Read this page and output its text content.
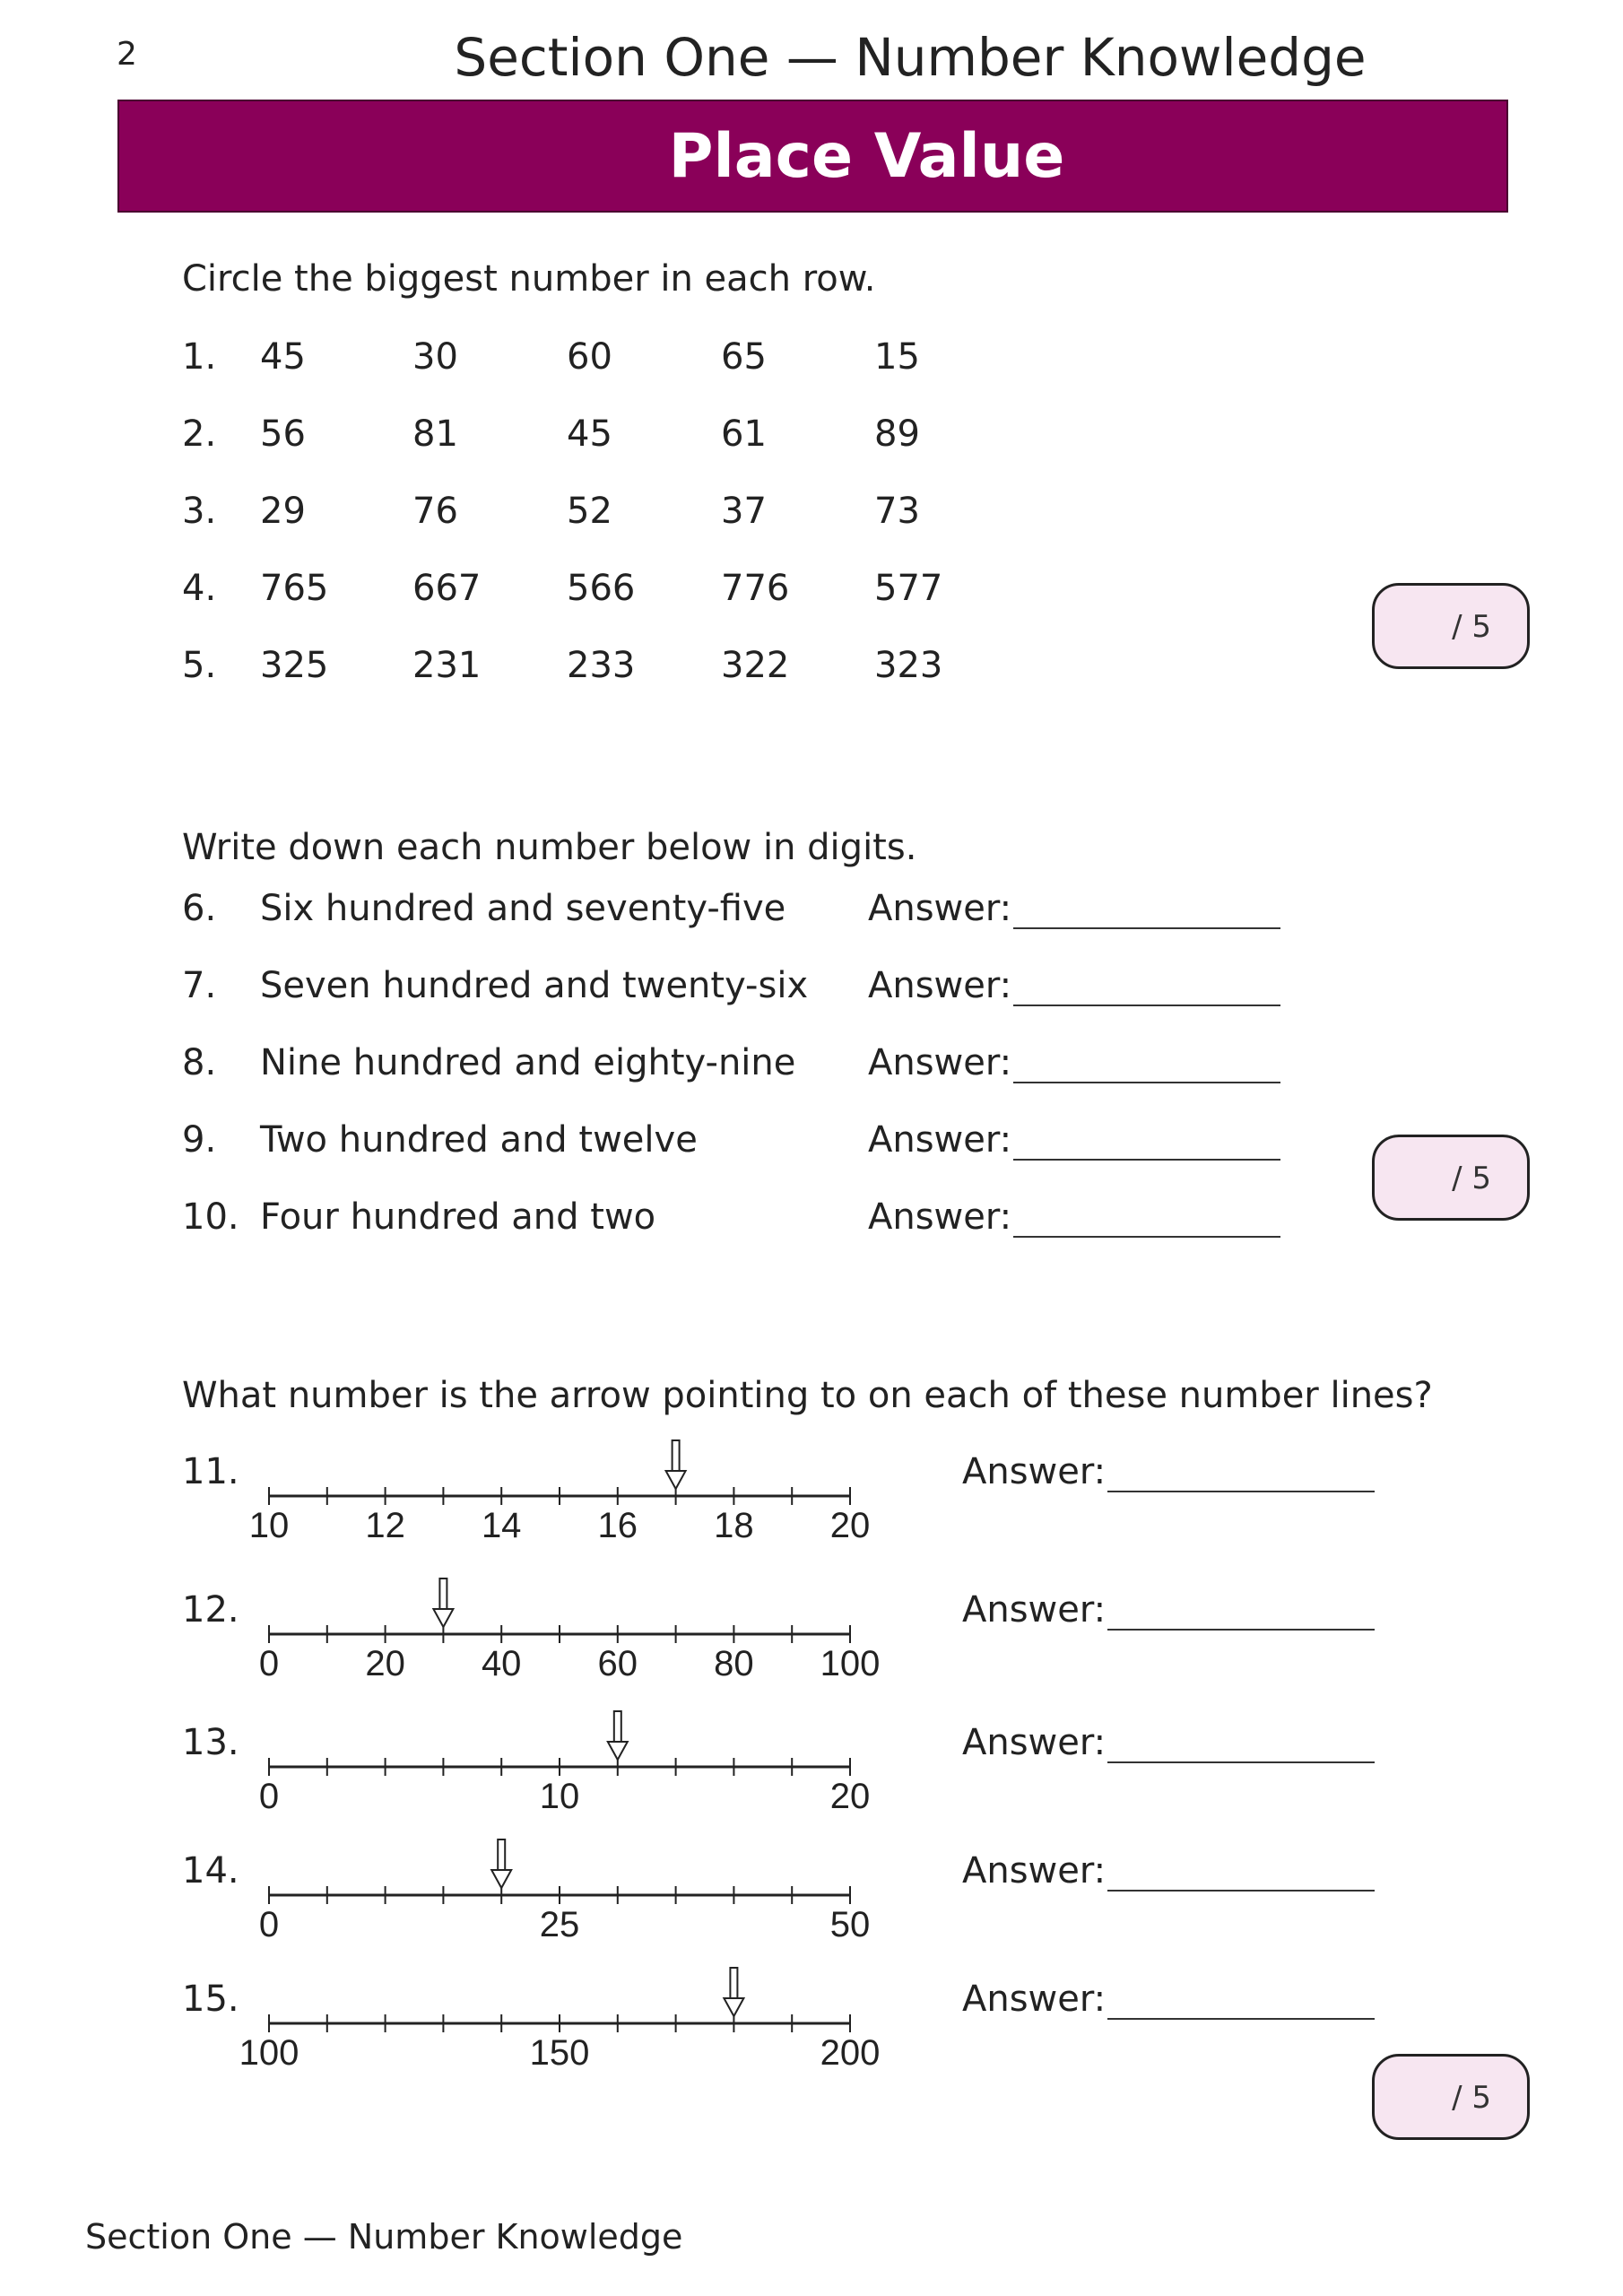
2	Section One — Number Knowledge
Place Value
Circle the biggest number in each row.
1. 45	30	60	65	15
2. 56	81	45	61	89
3. 29	76	52	37	73
4. 765 667 566 776 577
5. 325 231 233 322 323
/ 5
Write down each number below in digits.
6. Six hundred and seventy-five Answer:
7. Seven hundred and twenty-six Answer:
8. Nine hundred and eighty-nine Answer:
9. Two hundred and twelve	Answer:
10. Four hundred and two	Answer:
/ 5
What number is the arrow pointing to on each of these number lines?
11.
10 12 14 16 18 20
Answer:
12.
0 20 40 60 80 100
Answer:
13.
0	10	20
Answer:
14.
0	25	50
Answer:
15.
100	150	200
Answer:
/ 5
Section One — Number Knowledge
